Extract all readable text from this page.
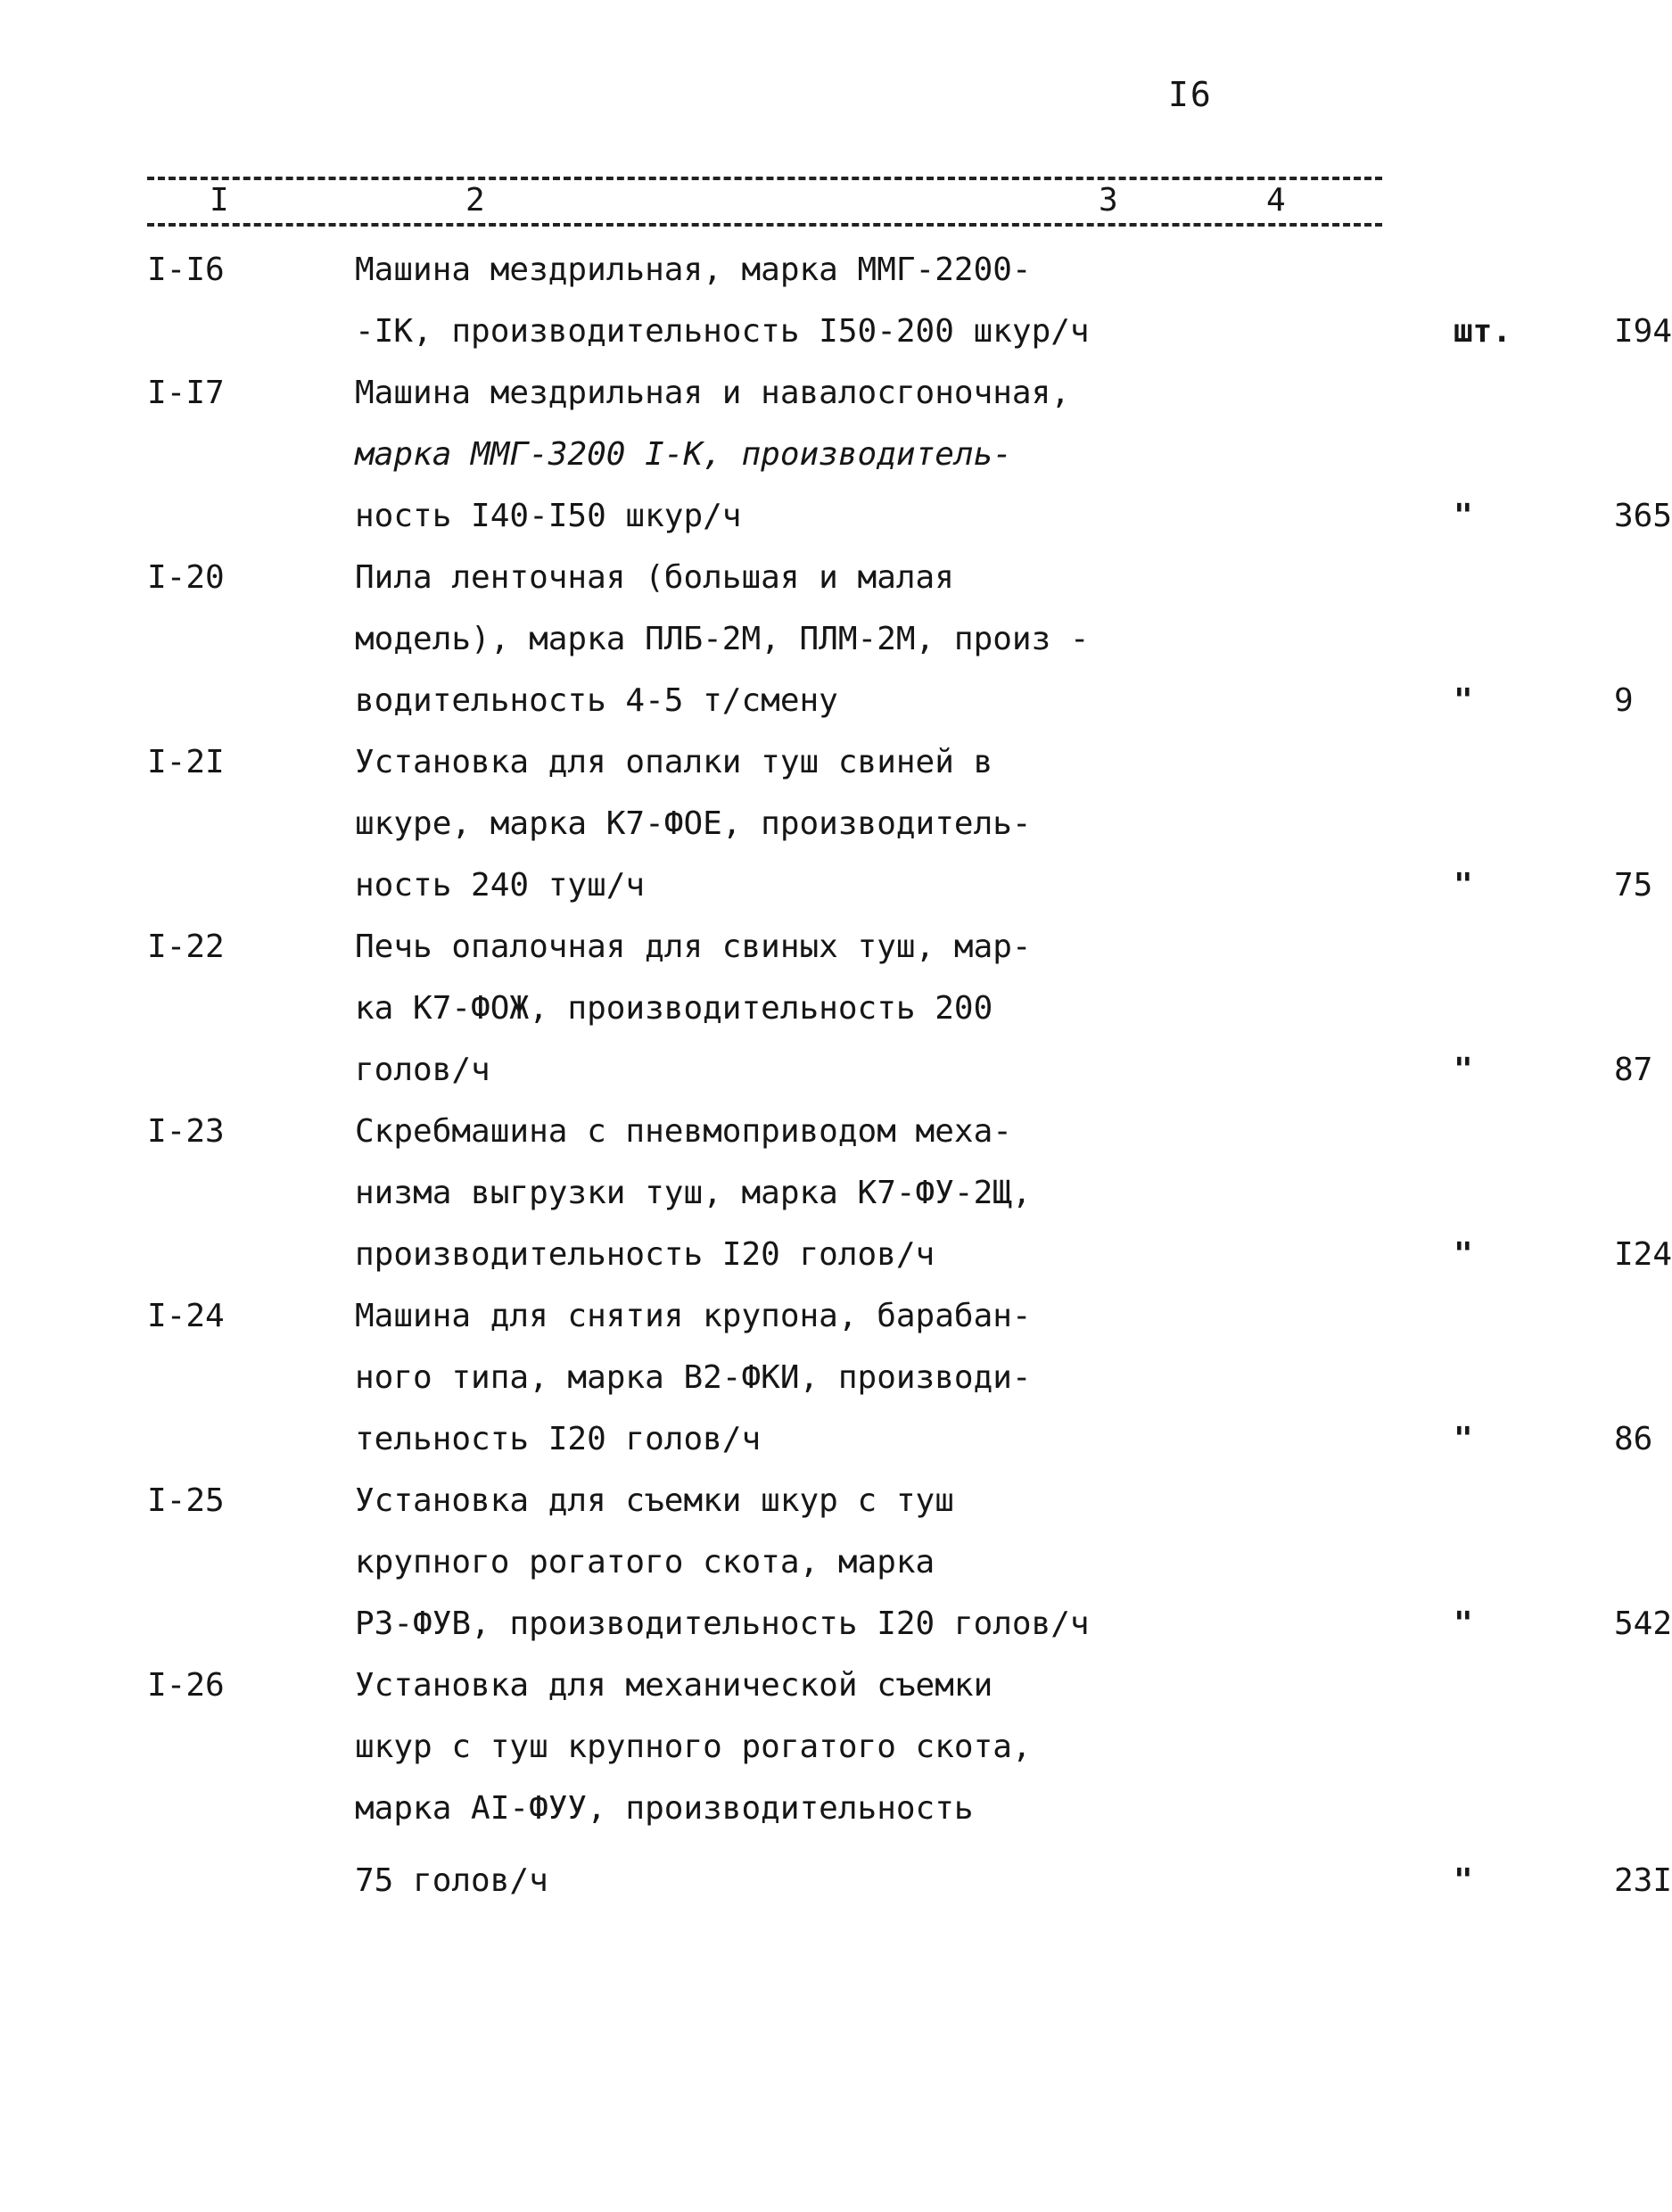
I6
I	2	3	4
I-I6	Машина мездрильная, марка ММГ-2200-
-IК, производительность I50-200 шкур/ч	шт.	I94
I-I7	Машина мездрильная и навалосгоночная,
марка ММГ-3200 I-К, производитель-
ность I40-I50 шкур/ч	"	365
I-20	Пила ленточная (большая и малая
модель), марка ПЛБ-2М, ПЛМ-2М, произ -
водительность 4-5 т/смену	"	9
I-2I	Установка для опалки туш свиней в
шкуре, марка К7-ФОЕ, производитель-
ность 240 туш/ч	"	75
I-22	Печь опалочная для свиных туш, мар-
ка К7-ФОЖ, производительность 200
голов/ч	"	87
I-23	Скребмашина с пневмоприводом меха-
низма выгрузки туш, марка К7-ФУ-2Щ,
производительность I20 голов/ч	"	I24
I-24	Машина для снятия крупона, барабан-
ного типа, марка В2-ФКИ, производи-
тельность I20 голов/ч	"	86
I-25	Установка для съемки шкур с туш
крупного рогатого скота, марка
Р3-ФУВ, производительность I20 голов/ч	"	542
I-26	Установка для механической съемки
шкур с туш крупного рогатого скота,
марка АI-ФУУ, производительность
75 голов/ч	"	23I
